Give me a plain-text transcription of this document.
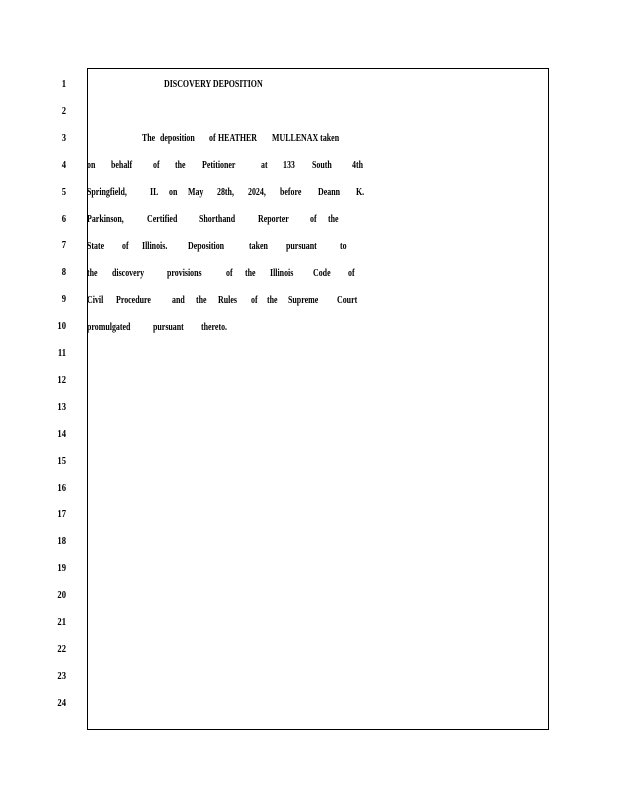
1
2
3
4
5
6
7
8
9
10
11
12
13
14
15
16
17
18
19
20
21
22
23
24
DISCOVERY DEPOSITION
The deposition of HEATHER MULLENAX taken
on behalf of the Petitioner at 133 South 4th
Springfield, IL on May 28th, 2024, before Deann K.
Parkinson, Certified Shorthand Reporter of the
State of Illinois. Deposition taken pursuant to
the discovery provisions of the Illinois Code of
Civil Procedure and the Rules of the Supreme Court
promulgated pursuant thereto.
